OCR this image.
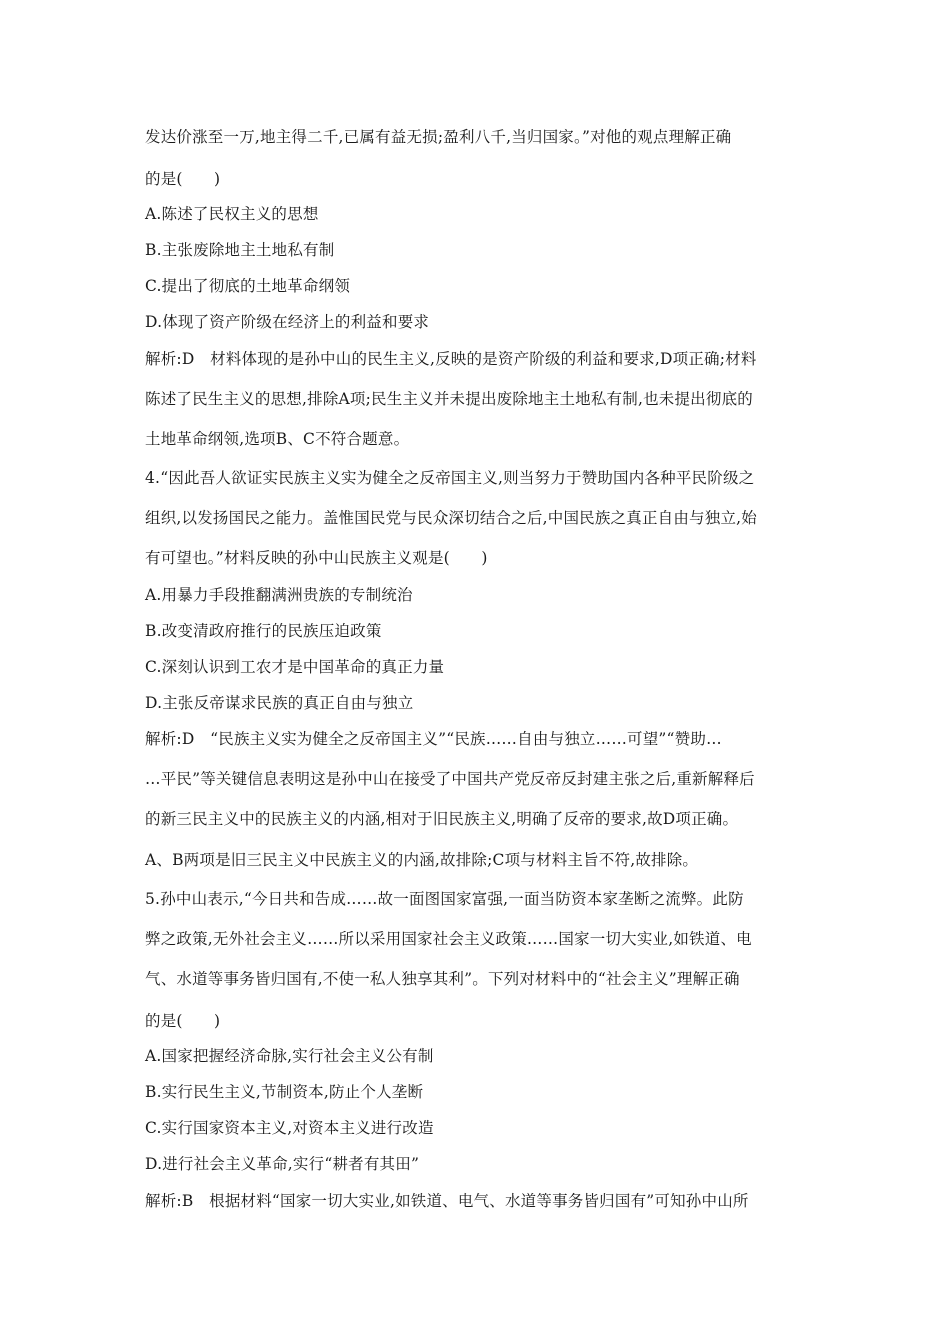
发达价涨至一万,地主得二千,已属有益无损;盈利八千,当归国家。”对他的观点理解正确
的是(　　)
A.陈述了民权主义的思想
B.主张废除地主土地私有制
C.提出了彻底的土地革命纲领
D.体现了资产阶级在经济上的利益和要求
解析:D　材料体现的是孙中山的民生主义,反映的是资产阶级的利益和要求,D项正确;材料
陈述了民生主义的思想,排除A项;民生主义并未提出废除地主土地私有制,也未提出彻底的
土地革命纲领,选项B、C不符合题意。
4.“因此吾人欲证实民族主义实为健全之反帝国主义,则当努力于赞助国内各种平民阶级之
组织,以发扬国民之能力。盖惟国民党与民众深切结合之后,中国民族之真正自由与独立,始
有可望也。”材料反映的孙中山民族主义观是(　　)
A.用暴力手段推翻满洲贵族的专制统治
B.改变清政府推行的民族压迫政策
C.深刻认识到工农才是中国革命的真正力量
D.主张反帝谋求民族的真正自由与独立
解析:D　“民族主义实为健全之反帝国主义”“民族……自由与独立……可望”“赞助…
…平民”等关键信息表明这是孙中山在接受了中国共产党反帝反封建主张之后,重新解释后
的新三民主义中的民族主义的内涵,相对于旧民族主义,明确了反帝的要求,故D项正确。
A、B两项是旧三民主义中民族主义的内涵,故排除;C项与材料主旨不符,故排除。
5.孙中山表示,“今日共和告成……故一面图国家富强,一面当防资本家垄断之流弊。此防
弊之政策,无外社会主义……所以采用国家社会主义政策……国家一切大实业,如铁道、电
气、水道等事务皆归国有,不使一私人独享其利”。下列对材料中的“社会主义”理解正确
的是(　　)
A.国家把握经济命脉,实行社会主义公有制
B.实行民生主义,节制资本,防止个人垄断
C.实行国家资本主义,对资本主义进行改造
D.进行社会主义革命,实行“耕者有其田”
解析:B　根据材料“国家一切大实业,如铁道、电气、水道等事务皆归国有”可知孙中山所
